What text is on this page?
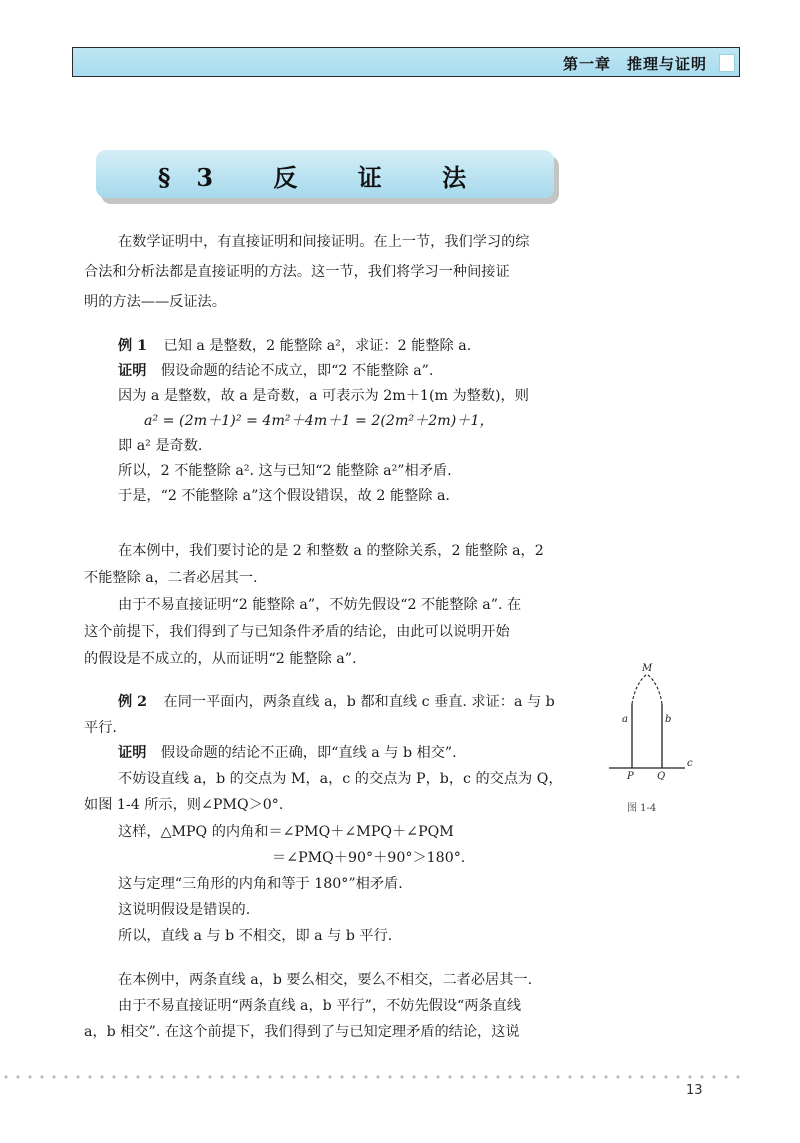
第一章　推理与证明
§3 反 证 法
在数学证明中，有直接证明和间接证明。在上一节，我们学习的综
合法和分析法都是直接证明的方法。这一节，我们将学习一种间接证
明的方法——反证法。
例 1 已知 a 是整数，2 能整除 a²，求证：2 能整除 a.
证明 假设命题的结论不成立，即“2 不能整除 a”.
因为 a 是整数，故 a 是奇数，a 可表示为 2m＋1(m 为整数)，则
a² = (2m＋1)² = 4m²＋4m＋1 = 2(2m²＋2m)＋1，
即 a² 是奇数.
所以，2 不能整除 a². 这与已知“2 能整除 a²”相矛盾.
于是，“2 不能整除 a”这个假设错误，故 2 能整除 a.
在本例中，我们要讨论的是 2 和整数 a 的整除关系，2 能整除 a，2
不能整除 a，二者必居其一.
由于不易直接证明“2 能整除 a”，不妨先假设“2 不能整除 a”. 在
这个前提下，我们得到了与已知条件矛盾的结论，由此可以说明开始
的假设是不成立的，从而证明“2 能整除 a”.
例 2 在同一平面内，两条直线 a，b 都和直线 c 垂直. 求证：a 与 b
平行.
证明 假设命题的结论不正确，即“直线 a 与 b 相交”.
不妨设直线 a，b 的交点为 M，a，c 的交点为 P，b，c 的交点为 Q，
如图 1-4 所示，则∠PMQ＞0°.
这样，△MPQ 的内角和＝∠PMQ＋∠MPQ＋∠PQM
＝∠PMQ＋90°＋90°＞180°.
这与定理“三角形的内角和等于 180°”相矛盾.
这说明假设是错误的.
所以，直线 a 与 b 不相交，即 a 与 b 平行.
在本例中，两条直线 a，b 要么相交，要么不相交，二者必居其一.
由于不易直接证明“两条直线 a，b 平行”，不妨先假设“两条直线
a，b 相交”. 在这个前提下，我们得到了与已知定理矛盾的结论，这说
M
a	b
c
P Q
图 1-4
13
